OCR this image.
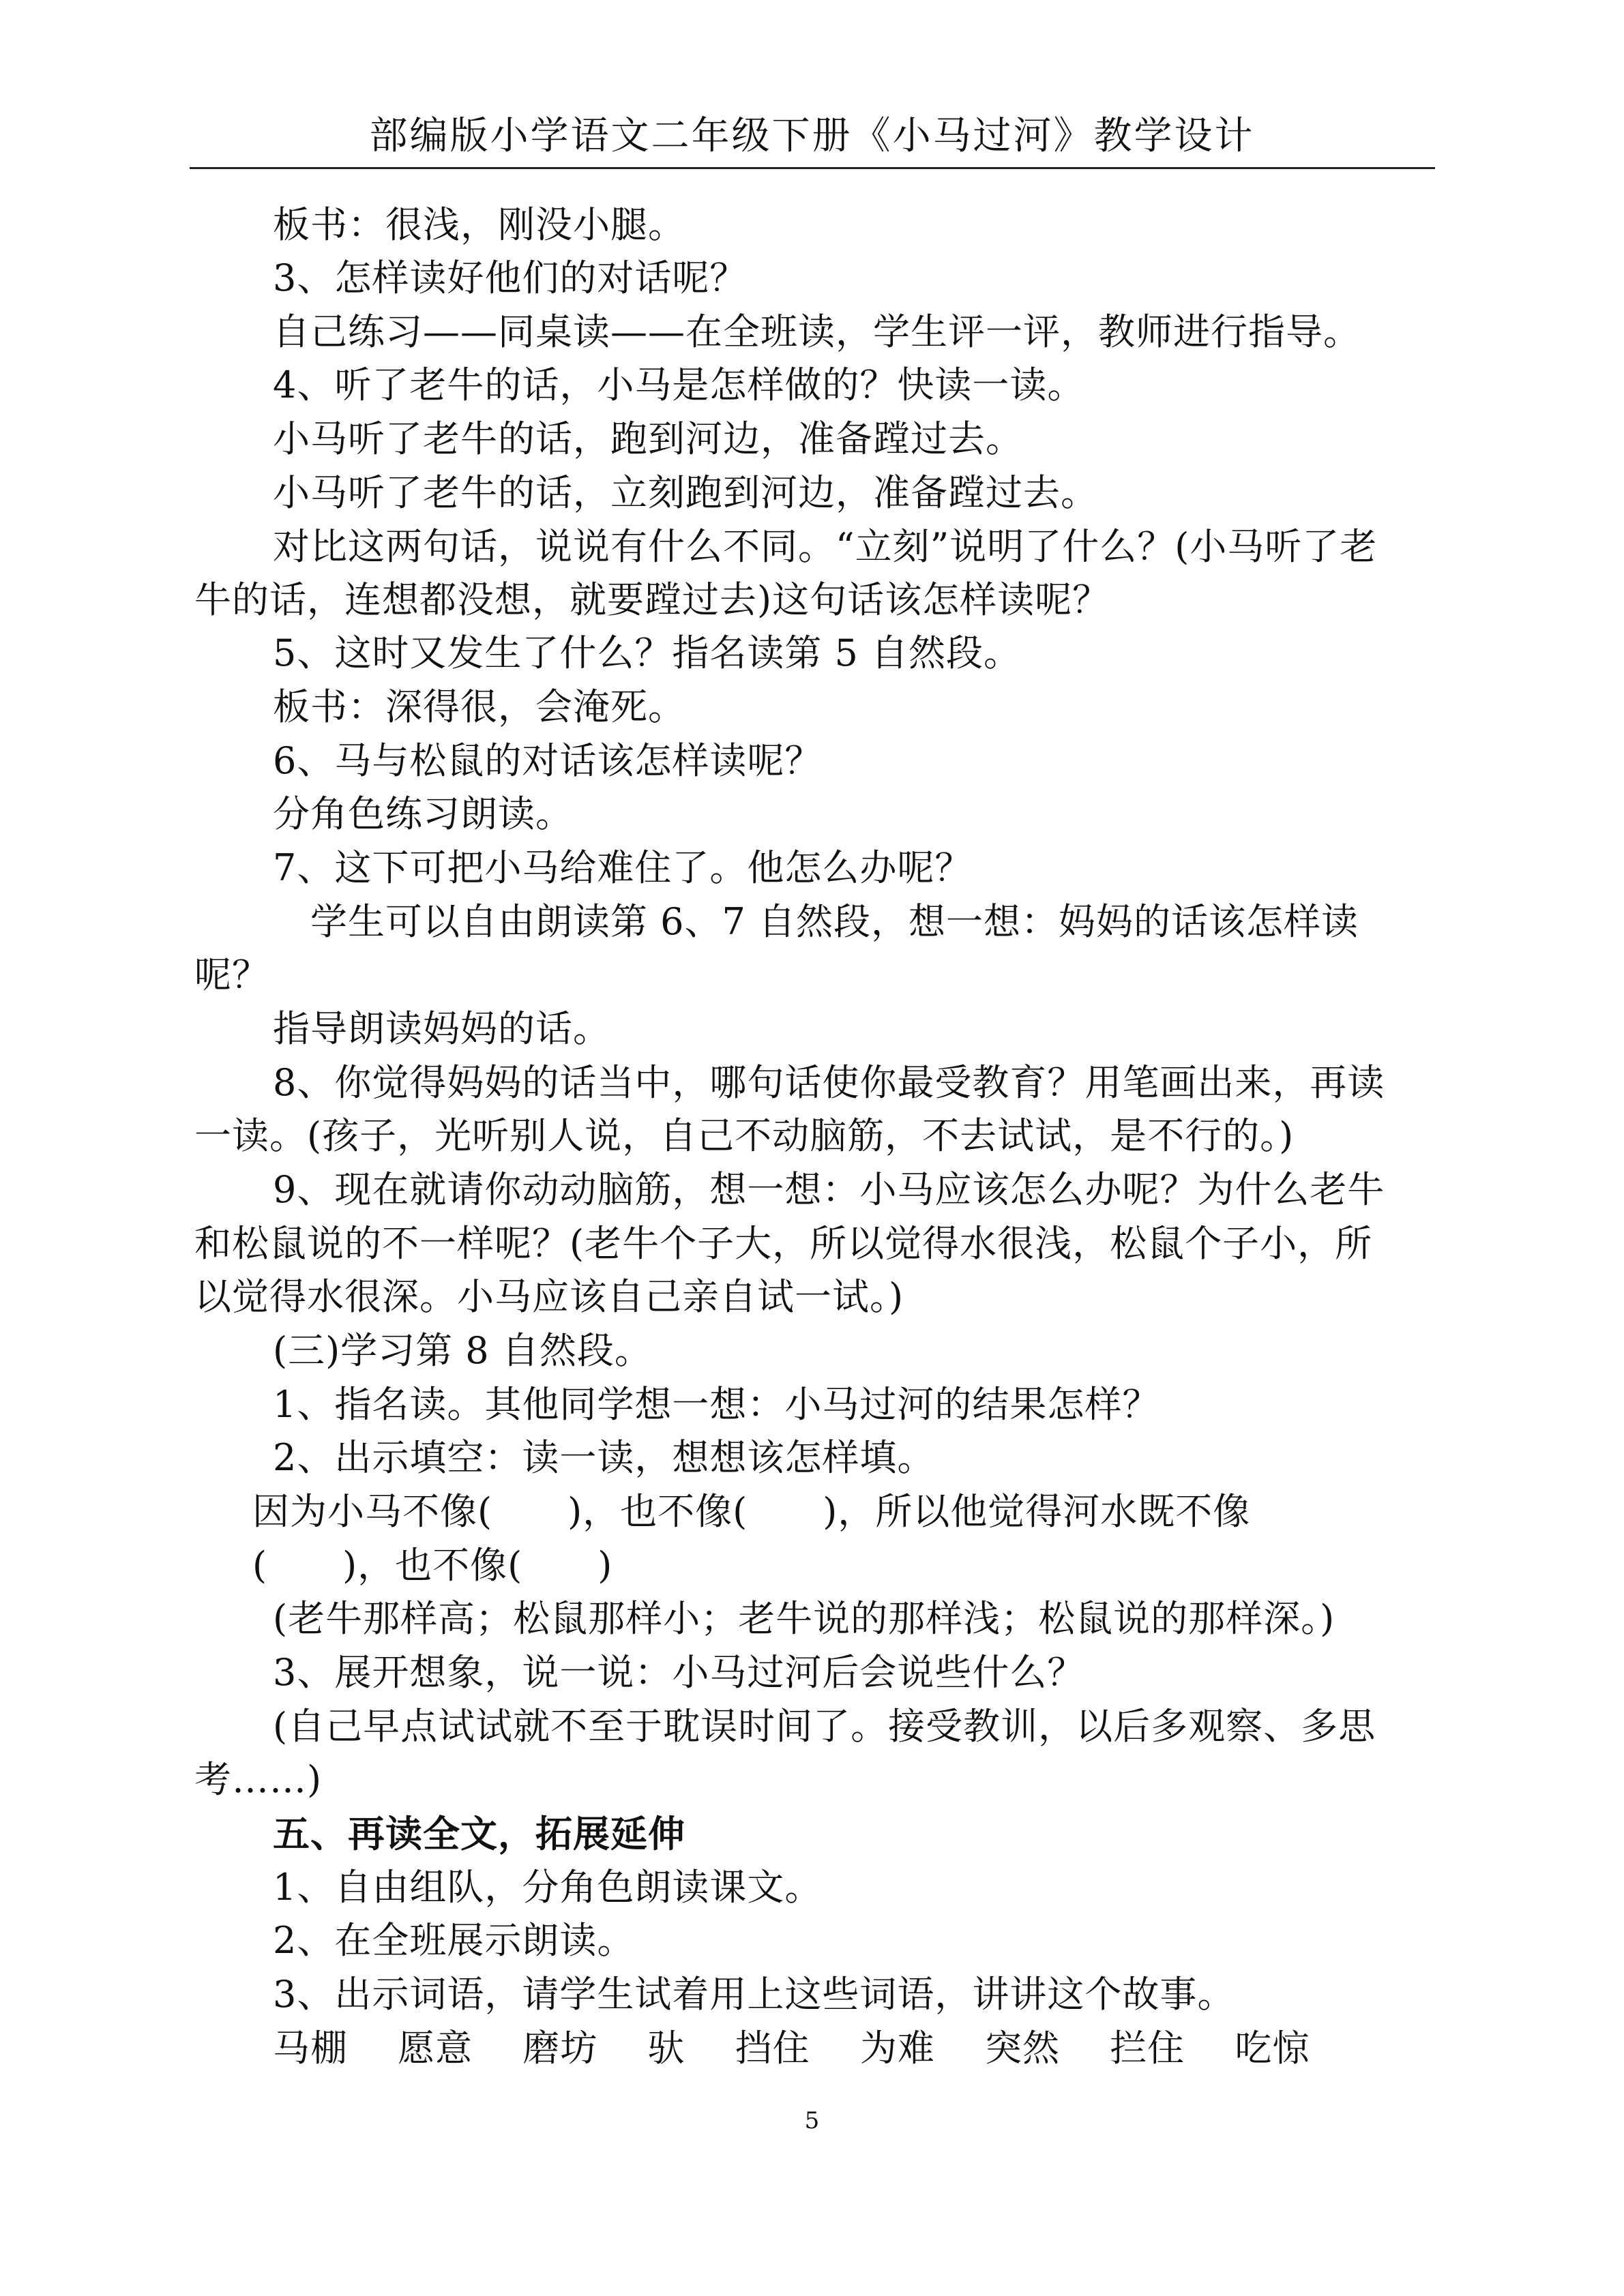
部编版小学语文二年级下册《小马过河》教学设计
板书：很浅，刚没小腿。
3、怎样读好他们的对话呢？
自己练习——同桌读——在全班读，学生评一评，教师进行指导。
4、听了老牛的话，小马是怎样做的？快读一读。
小马听了老牛的话，跑到河边，准备蹚过去。
小马听了老牛的话，立刻跑到河边，准备蹚过去。
对比这两句话，说说有什么不同。“立刻”说明了什么？(小马听了老
牛的话，连想都没想，就要蹚过去)这句话该怎样读呢？
5、这时又发生了什么？指名读第 5 自然段。
板书：深得很，会淹死。
6、马与松鼠的对话该怎样读呢？
分角色练习朗读。
7、这下可把小马给难住了。他怎么办呢？
学生可以自由朗读第 6、7 自然段，想一想：妈妈的话该怎样读
呢？
指导朗读妈妈的话。
8、你觉得妈妈的话当中，哪句话使你最受教育？用笔画出来，再读
一读。(孩子，光听别人说，自己不动脑筋，不去试试，是不行的。)
9、现在就请你动动脑筋，想一想：小马应该怎么办呢？为什么老牛
和松鼠说的不一样呢？(老牛个子大，所以觉得水很浅，松鼠个子小，所
以觉得水很深。小马应该自己亲自试一试。)
(三)学习第 8 自然段。
1、指名读。其他同学想一想：小马过河的结果怎样？
2、出示填空：读一读，想想该怎样填。
因为小马不像(　　)，也不像(　　)，所以他觉得河水既不像
(　　)，也不像(　　)
(老牛那样高；松鼠那样小；老牛说的那样浅；松鼠说的那样深。)
3、展开想象，说一说：小马过河后会说些什么？
(自己早点试试就不至于耽误时间了。接受教训，以后多观察、多思
考……)
五、再读全文，拓展延伸
1、自由组队，分角色朗读课文。
2、在全班展示朗读。
3、出示词语，请学生试着用上这些词语，讲讲这个故事。
马棚　 愿意　 磨坊　 驮　 挡住　 为难　 突然　 拦住　 吃惊
5
